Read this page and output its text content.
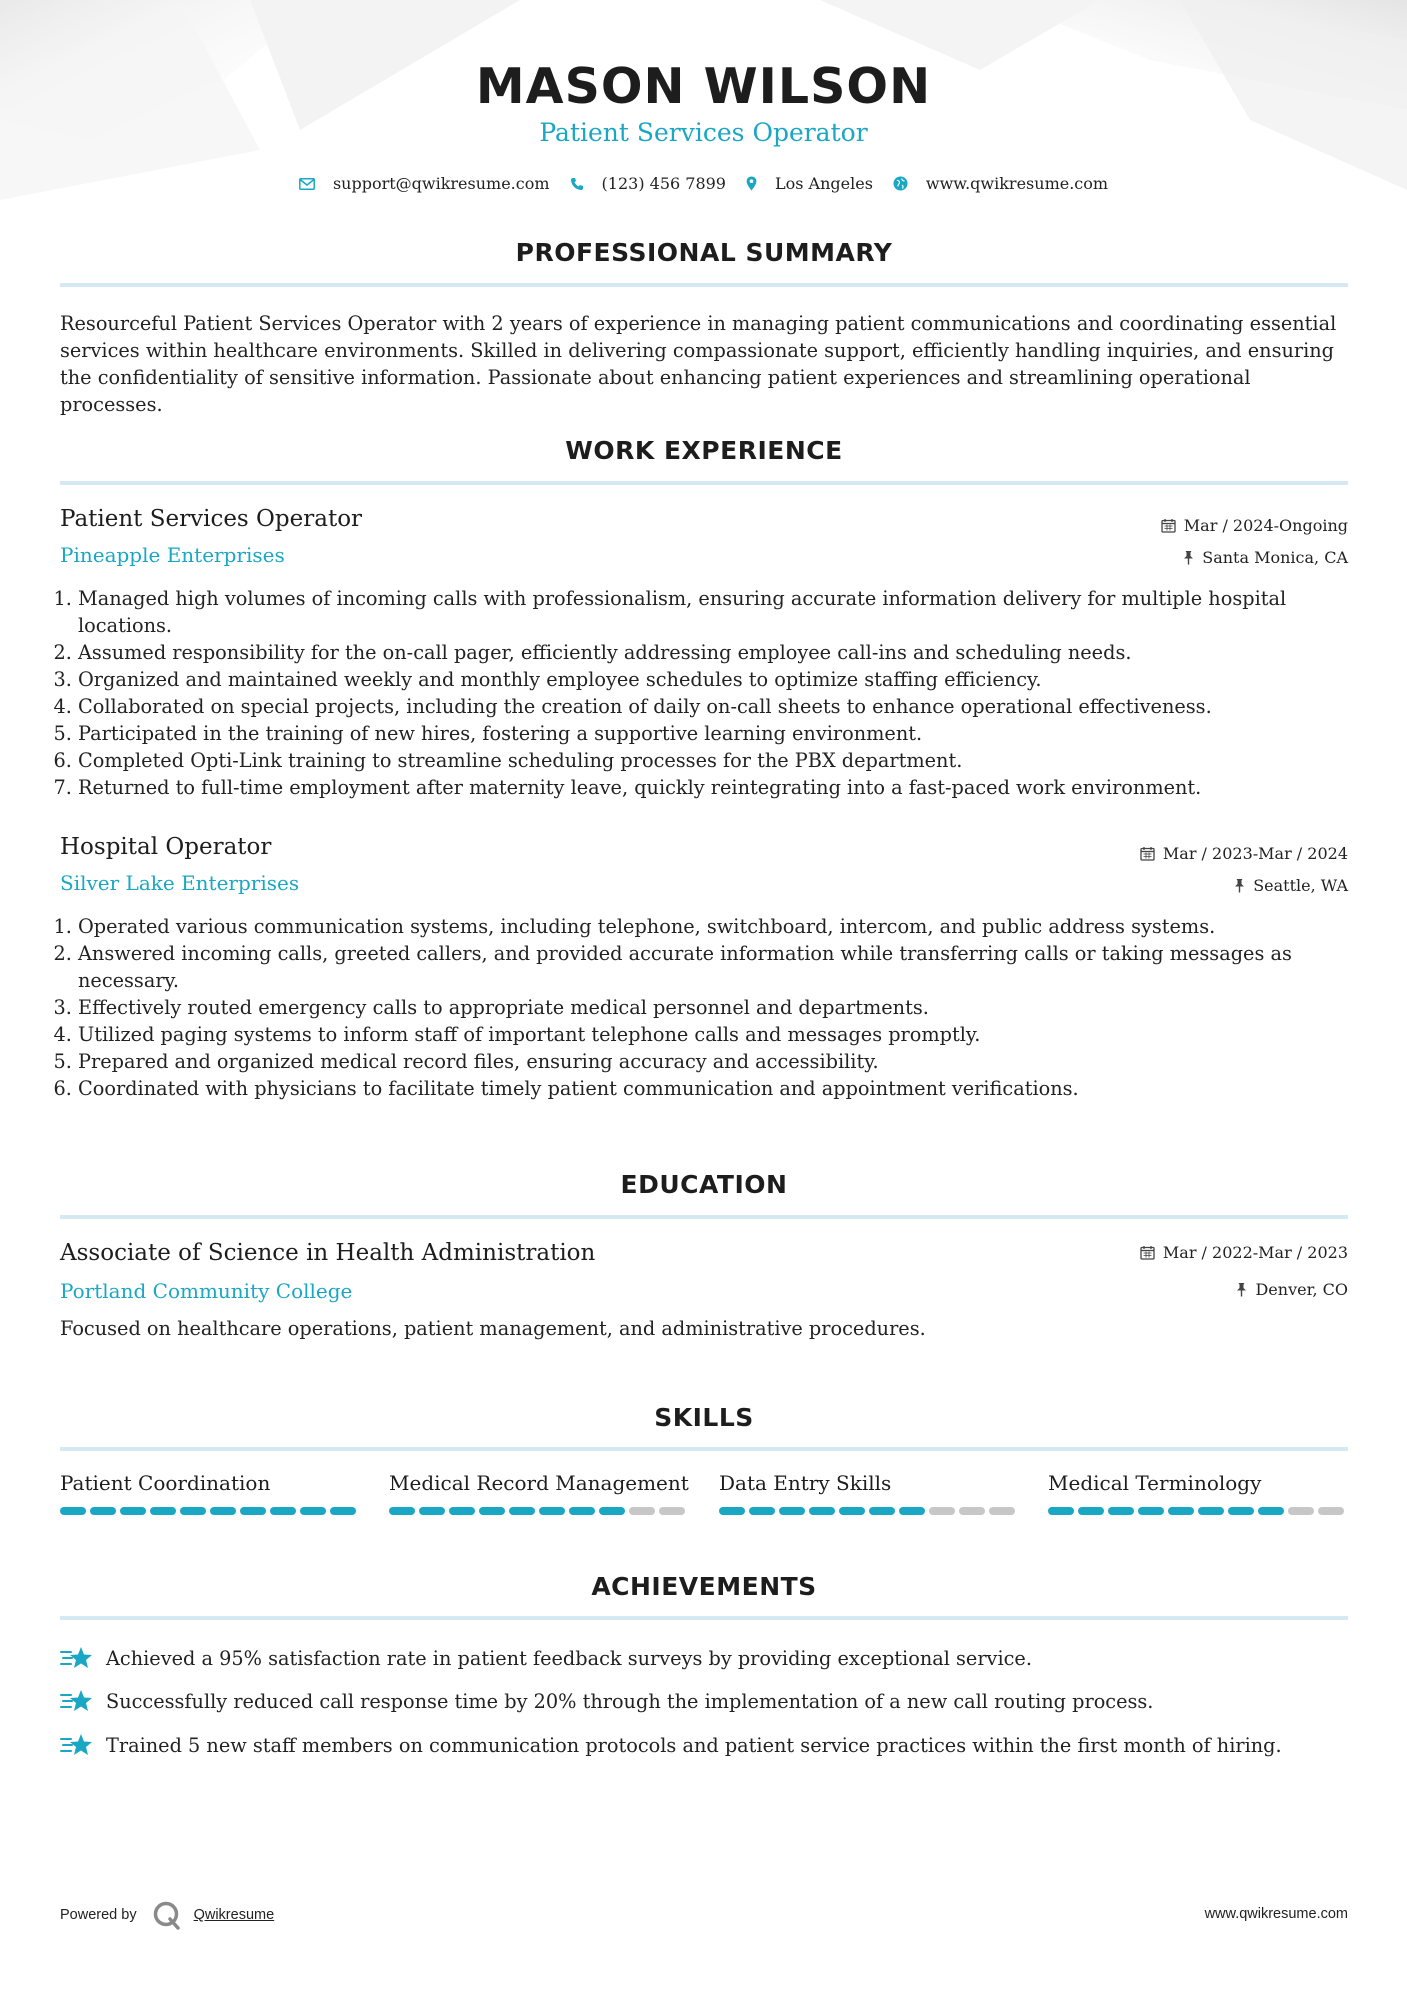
MASON WILSON
Patient Services Operator
support@qwikresume.com	(123) 456 7899	Los Angeles	www.qwikresume.com
PROFESSIONAL SUMMARY
Resourceful Patient Services Operator with 2 years of experience in managing patient communications and coordinating essential services within healthcare environments. Skilled in delivering compassionate support, efficiently handling inquiries, and ensuring the confidentiality of sensitive information. Passionate about enhancing patient experiences and streamlining operational processes.
WORK EXPERIENCE
Patient Services Operator	Mar / 2024-Ongoing
Pineapple Enterprises	Santa Monica, CA
1. Managed high volumes of incoming calls with professionalism, ensuring accurate information delivery for multiple hospital locations.
2. Assumed responsibility for the on-call pager, efficiently addressing employee call-ins and scheduling needs.
3. Organized and maintained weekly and monthly employee schedules to optimize staffing efficiency.
4. Collaborated on special projects, including the creation of daily on-call sheets to enhance operational effectiveness.
5. Participated in the training of new hires, fostering a supportive learning environment.
6. Completed Opti-Link training to streamline scheduling processes for the PBX department.
7. Returned to full-time employment after maternity leave, quickly reintegrating into a fast-paced work environment.
Hospital Operator	Mar / 2023-Mar / 2024
Silver Lake Enterprises	Seattle, WA
1. Operated various communication systems, including telephone, switchboard, intercom, and public address systems.
2. Answered incoming calls, greeted callers, and provided accurate information while transferring calls or taking messages as necessary.
3. Effectively routed emergency calls to appropriate medical personnel and departments.
4. Utilized paging systems to inform staff of important telephone calls and messages promptly.
5. Prepared and organized medical record files, ensuring accuracy and accessibility.
6. Coordinated with physicians to facilitate timely patient communication and appointment verifications.
EDUCATION
Associate of Science in Health Administration	Mar / 2022-Mar / 2023
Portland Community College	Denver, CO
Focused on healthcare operations, patient management, and administrative procedures.
SKILLS
Patient Coordination	Medical Record Management Data Entry Skills	Medical Terminology
ACHIEVEMENTS
Achieved a 95% satisfaction rate in patient feedback surveys by providing exceptional service.
Successfully reduced call response time by 20% through the implementation of a new call routing process.
Trained 5 new staff members on communication protocols and patient service practices within the first month of hiring.
Powered by	Qwikresume	www.qwikresume.com
